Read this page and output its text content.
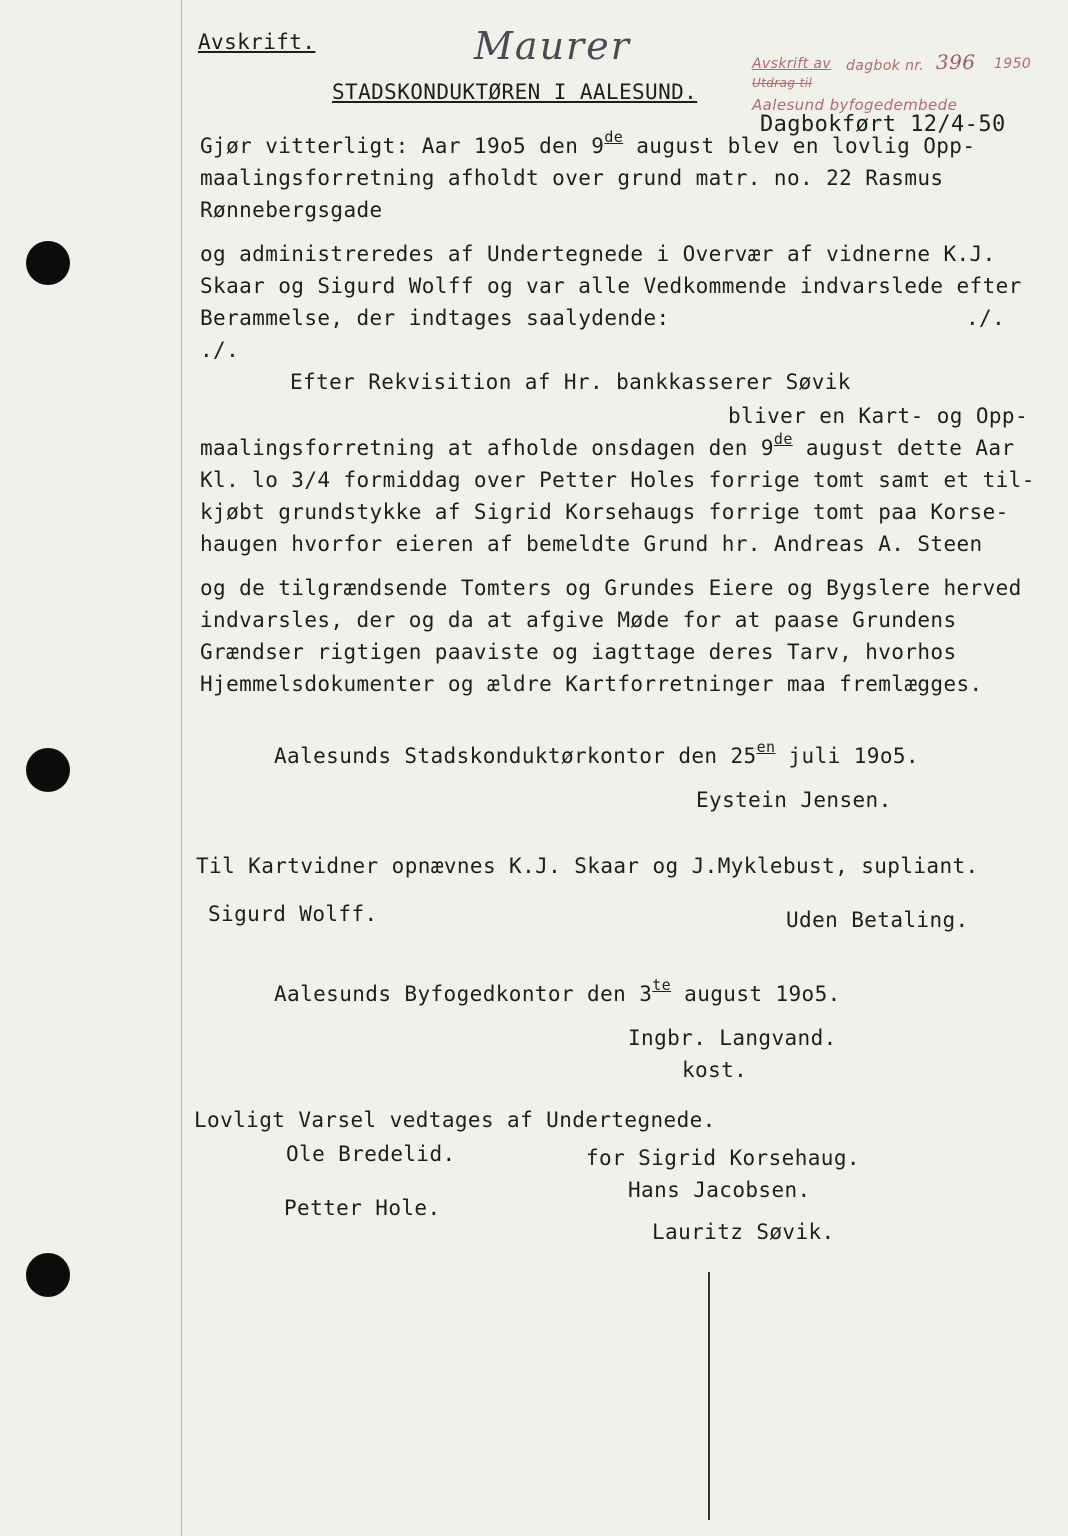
Avskrift.	Maurer
STADSKONDUKTØREN I AALESUND.
Avskrift av dagbok nr. 396 1950
Utdrag til
Aalesund byfogedembede
Dagbokført 12/4-50
Gjør vitterligt: Aar 19o5 den 9de august blev en lovlig Opp-
maalingsforretning afholdt over grund matr. no. 22 Rasmus
Rønnebergsgade
og administreredes af Undertegnede i Overvær af vidnerne K.J.
Skaar og Sigurd Wolff og var alle Vedkommende indvarslede efter
Berammelse, der indtages saalydende:	./.
./.
Efter Rekvisition af Hr. bankkasserer Søvik
bliver en Kart- og Opp-
maalingsforretning at afholde onsdagen den 9de august dette Aar
Kl. lo 3/4 formiddag over Petter Holes forrige tomt samt et til-
kjøbt grundstykke af Sigrid Korsehaugs forrige tomt paa Korse-
haugen hvorfor eieren af bemeldte Grund hr. Andreas A. Steen
og de tilgrændsende Tomters og Grundes Eiere og Bygslere herved
indvarsles, der og da at afgive Møde for at paase Grundens
Grændser rigtigen paaviste og iagttage deres Tarv, hvorhos
Hjemmelsdokumenter og ældre Kartforretninger maa fremlægges.
Aalesunds Stadskonduktørkontor den $25^{en}$ juli 19o5.
Eystein Jensen.
Til Kartvidner opnævnes K.J. Skaar og J.Myklebust, supliant.
Sigurd Wolff.	Uden Betaling.
Aalesunds Byfogedkontor den $3^{te}$ august 19o5.
Ingbr. Langvand.
kost.
Lovligt Varsel vedtages af Undertegnede.
Ole Bredelid.	for Sigrid Korsehaug.
Hans Jacobsen.
Petter Hole.
Lauritz Søvik.
